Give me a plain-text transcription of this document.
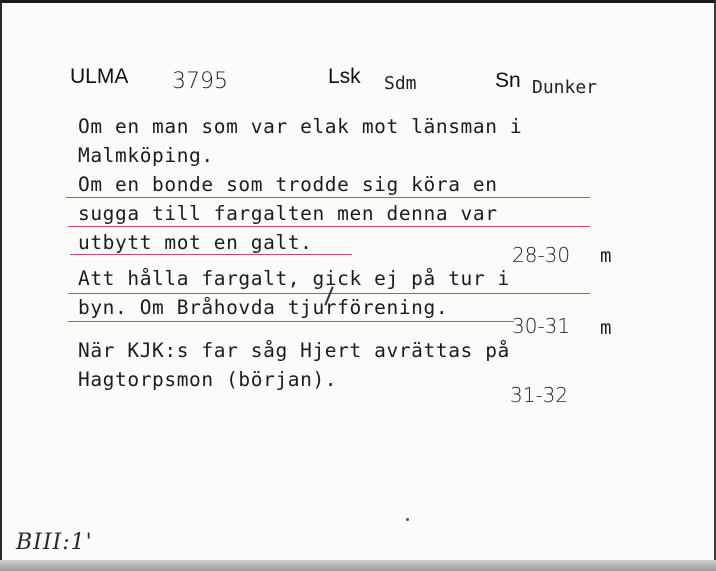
ULMA 3795	Lsk Sdm	Sn Dunker
Om en man som var elak mot länsman i
Malmköping.
Om en bonde som trodde sig köra en
sugga till fargalten men denna var
utbytt mot en galt.
28-30 m
Att hålla fargalt, gick ej på tur i
byn. Om Bråhovda tjurförening.
30-31 m
När KJK:s far såg Hjert avrättas på
Hagtorpsmon (början).
31-32
BIII:1'
